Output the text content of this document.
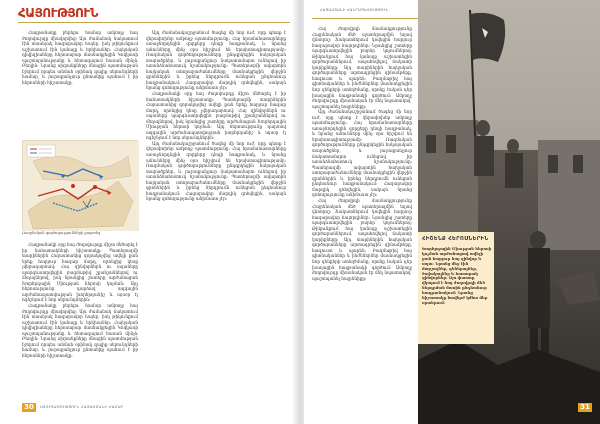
ՀԱՅՈՒԹՅՈՒՆ

Հաղթանակը բերելու համար ամբողջ հայ ժողովուրդը միավորվեց: Այս ժամանակ ճակատում էին տասնյակ հազարավոր հայեր, իսկ թիկունքում աշխատում էին կանայք և երեխաներ: Հայկական դիվիզիաները հերոսաբար մասնակցեցին Կովկասի պաշտպանությանը և հետագայում հասան մինչև Բեռլին: Նրանց սխրանքները մնացին պատմության էջերում որպես անմահ օրինակ գալիք սերունդների համար, և յուրաքանչյուր ընտանիք պահում է իր հերոսների հիշատակը:

Ռազմական գործողությունների քարտեզ

Հաղթանակի օրը հայ ժողովուրդը միշտ մեծարել է իր նահատակների հիշատակը: Պատերազմի տարիներին Հայաստանից զորակոչվեց ավելի քան երեք հարյուր հազար մարդ, որոնցից կեսը չվերադարձավ: Հայ զինվորներն ու սպաները պարգևատրվեցին բազմաթիվ շքանշաններով ու մեդալներով, իսկ նրանցից շատերը արժանացան Խորհրդային Միության հերոսի կոչման: Այդ հերոսությունը դարձավ ազգային արժանապատվության խորհրդանիշ և այսօր էլ ոգեշնչում է նոր սերունդներին:

Հաղթանակը բերելու համար ամբողջ հայ ժողովուրդը միավորվեց: Այս ժամանակ ճակատում էին տասնյակ հազարավոր հայեր, իսկ թիկունքում աշխատում էին կանայք և երեխաներ: Հայկական դիվիզիաները հերոսաբար մասնակցեցին Կովկասի պաշտպանությանը և հետագայում հասան մինչև Բեռլին: Նրանց սխրանքները մնացին պատմության էջերում որպես անմահ օրինակ գալիք սերունդների համար, և յուրաքանչյուր ընտանիք պահում է իր հերոսների հիշատակը:

Այդ ժամանակաշրջանում ծագեց մի նոր ուժ, որը պետք է վերափոխեր ամբողջ պատմությունը: Հայ հրամանատարները առաջնորդեցին զորքերը դեպի հաղթանակ, և նրանց անունները մինչ օրս հիշվում են երախտագիտությամբ: Ռազմական գործողությունները ընդգրկեցին հսկայական տարածքներ, և յուրաքանչյուր ճակատամարտ ունեցավ իր առանձնահատուկ նշանակությունը: Պատերազմի ավարտին հայկական ստորաբաժանումները մասնակցեցին վերջին գրոհներին և իրենց ներդրումն ունեցան ընդհանուր հաղթանակում: Հազարավոր մարդիկ զոհվեցին, սակայն նրանց զոհողությունը անիմաստ չէր:

Հաղթանակի օրը հայ ժողովուրդը միշտ մեծարել է իր նահատակների հիշատակը: Պատերազմի տարիներին Հայաստանից զորակոչվեց ավելի քան երեք հարյուր հազար մարդ, որոնցից կեսը չվերադարձավ: Հայ զինվորներն ու սպաները պարգևատրվեցին բազմաթիվ շքանշաններով ու մեդալներով, իսկ նրանցից շատերը արժանացան Խորհրդային Միության հերոսի կոչման: Այդ հերոսությունը դարձավ ազգային արժանապատվության խորհրդանիշ և այսօր էլ ոգեշնչում է նոր սերունդներին:

Այդ ժամանակաշրջանում ծագեց մի նոր ուժ, որը պետք է վերափոխեր ամբողջ պատմությունը: Հայ հրամանատարները առաջնորդեցին զորքերը դեպի հաղթանակ, և նրանց անունները մինչ օրս հիշվում են երախտագիտությամբ: Ռազմական գործողությունները ընդգրկեցին հսկայական տարածքներ, և յուրաքանչյուր ճակատամարտ ունեցավ իր առանձնահատուկ նշանակությունը: Պատերազմի ավարտին հայկական ստորաբաժանումները մասնակցեցին վերջին գրոհներին և իրենց ներդրումն ունեցան ընդհանուր հաղթանակում: Հազարավոր մարդիկ զոհվեցին, սակայն նրանց զոհողությունը անիմաստ չէր:

30	ՍՏՈՒԳԱՅՈՒԹՅՈՒՆ ՀԱՅԱՍՏԱՆԻ ՀԱՄԱՐ
ՀԱՅԱՍՏԱՆԻ ՀԱՆՐԱՊԵՏՈՒԹՅՈՒՆ

Հայ ժողովրդի մասնակցությունը Հայրենական մեծ պատերազմին եղավ վճռորոշ: Ճակատներում կռվեցին հարյուր հազարավոր հայորդիներ: Նրանցից շատերը պարգևատրվեցին բարձր կոչումներով: Թիկունքում հայ կանայք աշխատեցին գործարաններում, ապահովելով ճակատի կարիքները: Այդ տարիներին հայկական գործարանները արտադրեցին զինամթերք, հագուստ և պարեն: Բազմաթիվ հայ գիտնականներ և ինժեներներ մասնակցեցին նոր զենքերի ստեղծմանը, որոնք էական դեր խաղացին հաղթանակի գործում: Ամբողջ ժողովուրդը միասնական էր մեկ նպատակով՝ պաշտպանել հայրենիքը:

Այդ ժամանակաշրջանում ծագեց մի նոր ուժ, որը պետք է վերափոխեր ամբողջ պատմությունը: Հայ հրամանատարները առաջնորդեցին զորքերը դեպի հաղթանակ, և նրանց անունները մինչ օրս հիշվում են երախտագիտությամբ: Ռազմական գործողությունները ընդգրկեցին հսկայական տարածքներ, և յուրաքանչյուր ճակատամարտ ունեցավ իր առանձնահատուկ նշանակությունը: Պատերազմի ավարտին հայկական ստորաբաժանումները մասնակցեցին վերջին գրոհներին և իրենց ներդրումն ունեցան ընդհանուր հաղթանակում: Հազարավոր մարդիկ զոհվեցին, սակայն նրանց զոհողությունը անիմաստ չէր:

Հայ ժողովրդի մասնակցությունը Հայրենական մեծ պատերազմին եղավ վճռորոշ: Ճակատներում կռվեցին հարյուր հազարավոր հայորդիներ: Նրանցից շատերը պարգևատրվեցին բարձր կոչումներով: Թիկունքում հայ կանայք աշխատեցին գործարաններում, ապահովելով ճակատի կարիքները: Այդ տարիներին հայկական գործարանները արտադրեցին զինամթերք, հագուստ և պարեն: Բազմաթիվ հայ գիտնականներ և ինժեներներ մասնակցեցին նոր զենքերի ստեղծմանը, որոնք էական դեր խաղացին հաղթանակի գործում: Ամբողջ ժողովուրդը միասնական էր մեկ նպատակով՝ պաշտպանել հայրենիքը:

ՀԻՇԵՆՔ ՀԵՐՈՍՆԵՐԻՆ
Խորհրդային Միության հերոսի կոչման արժանացավ ավելի քան հարյուր հայ զինվոր և սպա: Նրանց մեջ էին մարշալներ, գեներալներ, ծովակալներ և հասարակ զինվորներ: Այս փաստը վկայում է հայ ժողովրդի մեծ ներդրման մասին ընդհանուր հաղթանակում: Նրանց հիշատակը հավերժ կմնա մեր սրտերում:
31
